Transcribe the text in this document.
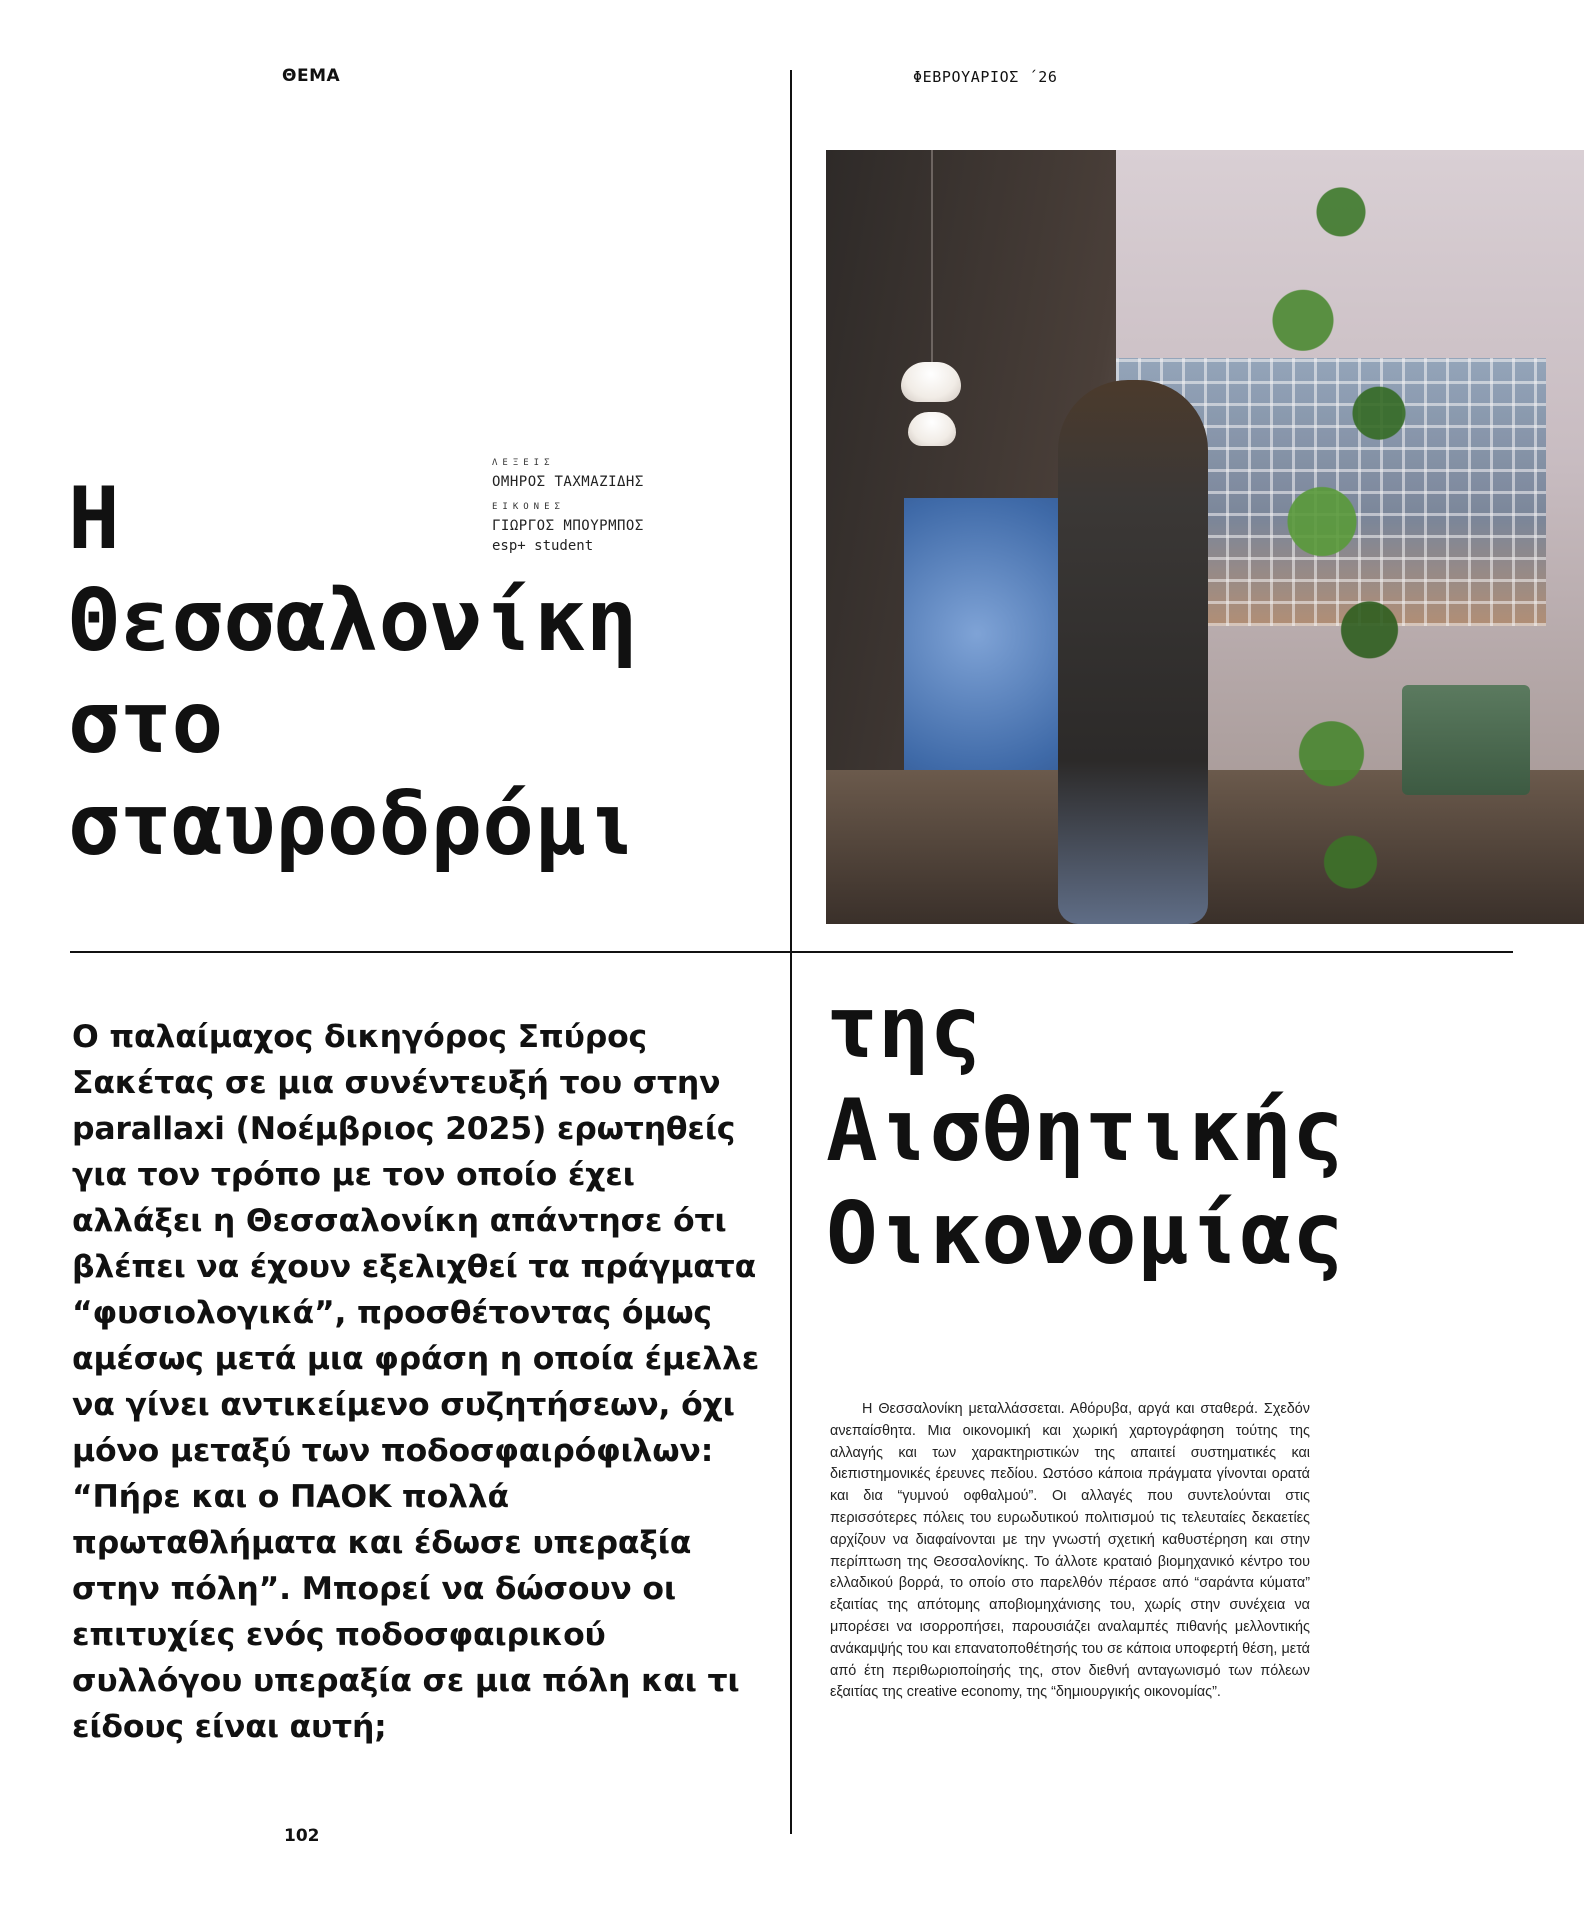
ΘΕΜΑ	ΦΕΒΡΟΥΑΡΙΟΣ ΄26
ΛΕΞΕΙΣ
ΟΜΗΡΟΣ ΤΑΧΜΑΖΙΔΗΣ
ΕΙΚΟΝΕΣ
ΓΙΩΡΓΟΣ ΜΠΟΥΡΜΠΟΣ
esp+ student
Η
Θεσσαλονίκη
στο
σταυροδρόμι
της
Αισθητικής
Οικονομίας
Ο παλαίμαχος δικηγόρος Σπύρος Σακέτας σε μια συνέντευξή του στην parallaxi (Νοέμβριος 2025) ερωτηθείς για τον τρόπο με τον οποίο έχει αλλάξει η Θεσσαλονίκη απάντησε ότι βλέπει να έχουν εξελιχθεί τα πράγματα “φυσιολογικά”, προσθέτοντας όμως αμέσως μετά μια φράση η οποία έμελλε να γίνει αντικείμενο συζητήσεων, όχι μόνο μεταξύ των ποδοσφαιρόφιλων: “Πήρε και ο ΠΑΟΚ πολλά πρωταθλήματα και έδωσε υπεραξία στην πόλη”. Μπορεί να δώσουν οι επιτυχίες ενός ποδοσφαιρικού συλλόγου υπεραξία σε μια πόλη και τι είδους είναι αυτή;
Η Θεσσαλονίκη μεταλλάσσεται. Αθόρυβα, αργά και σταθερά. Σχεδόν ανεπαίσθητα. Μια οικονομική και χωρική χαρτογράφηση τούτης της αλλαγής και των χαρακτηριστικών της απαιτεί συστηματικές και διεπιστημονικές έρευνες πεδίου. Ωστόσο κάποια πράγματα γίνονται ορατά και δια “γυμνού οφθαλμού”. Οι αλλαγές που συντελούνται στις περισσότερες πόλεις του ευρωδυτικού πολιτισμού τις τελευταίες δεκαετίες αρχίζουν να διαφαίνονται με την γνωστή σχετική καθυστέρηση και στην περίπτωση της Θεσσαλονίκης. Το άλλοτε κραταιό βιομηχανικό κέντρο του ελλαδικού βορρά, το οποίο στο παρελθόν πέρασε από “σαράντα κύματα” εξαιτίας της απότομης αποβιομηχάνισης του, χωρίς στην συνέχεια να μπορέσει να ισορροπήσει, παρουσιάζει αναλαμπές πιθανής μελλοντικής ανάκαμψής του και επανατοποθέτησής του σε κάποια υποφερτή θέση, μετά από έτη περιθωριοποίησής της, στον διεθνή ανταγωνισμό των πόλεων εξαιτίας της creative economy, της “δημιουργικής οικονομίας”.
102
